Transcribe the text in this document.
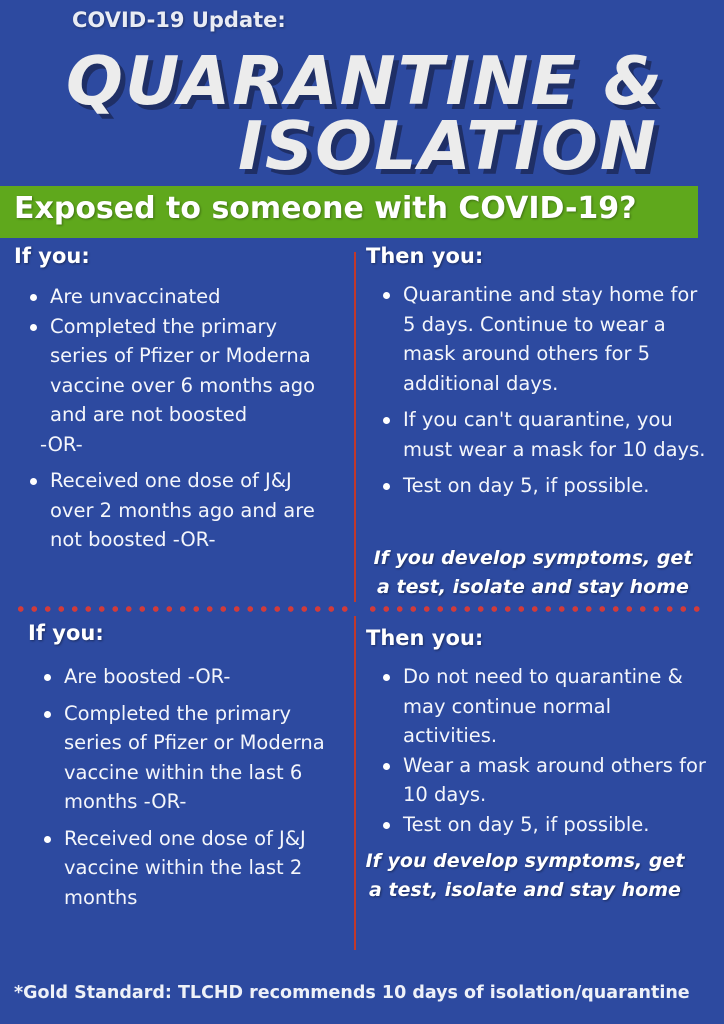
COVID-19 Update:
QUARANTINE &
ISOLATION
Exposed to someone with COVID-19?
If you:
Are unvaccinated
Completed the primary series of Pfizer or Moderna vaccine over 6 months ago and are not boosted
-OR-
Received one dose of J&J over 2 months ago and are not boosted -OR-
Then you:
Quarantine and stay home for 5 days. Continue to wear a mask around others for 5 additional days.
If you can't quarantine, you must wear a mask for 10 days.
Test on day 5, if possible.
If you develop symptoms, get a test, isolate and stay home
If you:
Are boosted -OR-
Completed the primary series of Pfizer or Moderna vaccine within the last 6 months -OR-
Received one dose of J&J vaccine within the last 2 months
Then you:
Do not need to quarantine & may continue normal activities.
Wear a mask around others for 10 days.
Test on day 5, if possible.
If you develop symptoms, get a test, isolate and stay home
*Gold Standard: TLCHD recommends 10 days of isolation/quarantine
